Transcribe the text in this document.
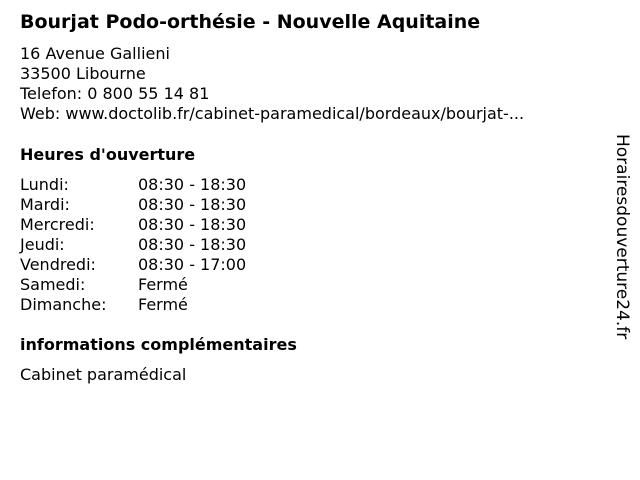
Bourjat Podo-orthésie - Nouvelle Aquitaine
16 Avenue Gallieni
33500 Libourne
Telefon: 0 800 55 14 81
Web: www.doctolib.fr/cabinet-paramedical/bordeaux/bourjat-...
Heures d'ouverture
Lundi:	08:30 - 18:30
Mardi:	08:30 - 18:30
Mercredi:	08:30 - 18:30
Jeudi:	08:30 - 18:30
Vendredi:	08:30 - 17:00
Samedi:	Fermé
Dimanche: Fermé
informations complémentaires
Cabinet paramédical
Horairesdouverture24.fr
